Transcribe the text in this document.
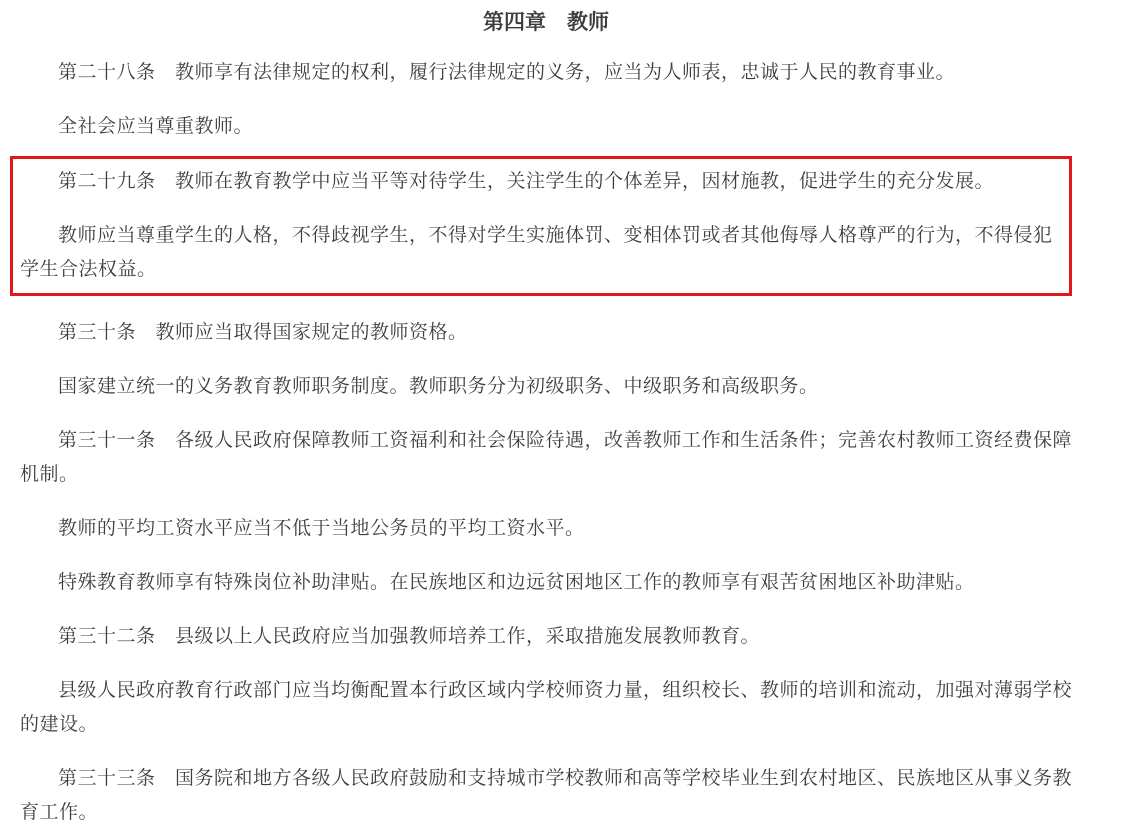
第四章　教师

第二十八条　教师享有法律规定的权利，履行法律规定的义务，应当为人师表，忠诚于人民的教育事业。

全社会应当尊重教师。

第二十九条　教师在教育教学中应当平等对待学生，关注学生的个体差异，因材施教，促进学生的充分发展。

教师应当尊重学生的人格，不得歧视学生，不得对学生实施体罚、变相体罚或者其他侮辱人格尊严的行为，不得侵犯学生合法权益。

第三十条　教师应当取得国家规定的教师资格。

国家建立统一的义务教育教师职务制度。教师职务分为初级职务、中级职务和高级职务。

第三十一条　各级人民政府保障教师工资福利和社会保险待遇，改善教师工作和生活条件；完善农村教师工资经费保障机制。

教师的平均工资水平应当不低于当地公务员的平均工资水平。

特殊教育教师享有特殊岗位补助津贴。在民族地区和边远贫困地区工作的教师享有艰苦贫困地区补助津贴。

第三十二条　县级以上人民政府应当加强教师培养工作，采取措施发展教师教育。

县级人民政府教育行政部门应当均衡配置本行政区域内学校师资力量，组织校长、教师的培训和流动，加强对薄弱学校的建设。

第三十三条　国务院和地方各级人民政府鼓励和支持城市学校教师和高等学校毕业生到农村地区、民族地区从事义务教育工作。
